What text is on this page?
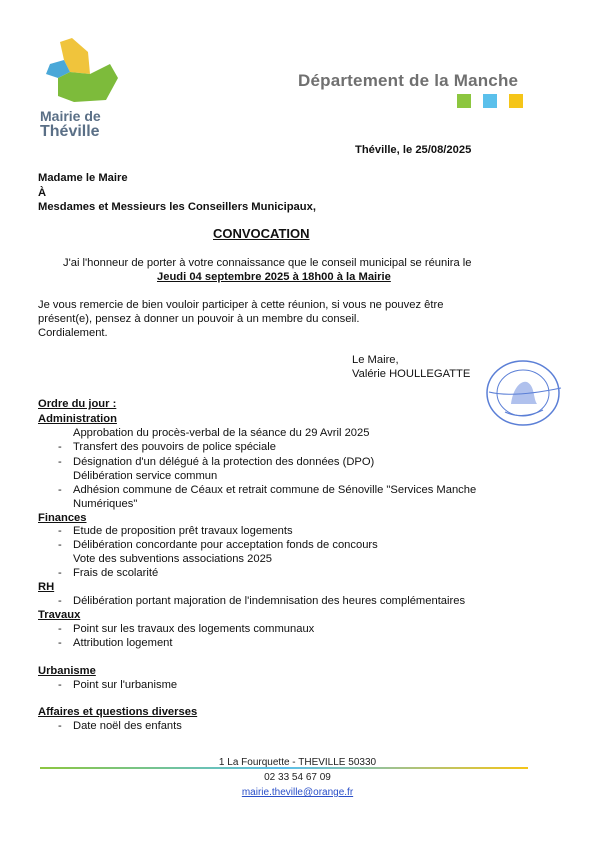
Mairie de
Théville
Département de la Manche
Théville, le 25/08/2025
Madame le Maire
À
Mesdames et Messieurs les Conseillers Municipaux,
CONVOCATION
J'ai l'honneur de porter à votre connaissance que le conseil municipal se réunira le
Jeudi 04 septembre 2025 à 18h00 à la Mairie
Je vous remercie de bien vouloir participer à cette réunion, si vous ne pouvez être
présent(e), pensez à donner un pouvoir à un membre du conseil.
Cordialement.
Le Maire,
Valérie HOULLEGATTE
Ordre du jour :
Administration
Approbation du procès-verbal de la séance du 29 Avril 2025
- Transfert des pouvoirs de police spéciale
- Désignation d'un délégué à la protection des données (DPO)
Délibération service commun
- Adhésion commune de Céaux et retrait commune de Sénoville "Services Manche
Numériques"
Finances
- Etude de proposition prêt travaux logements
- Délibération concordante pour acceptation fonds de concours
Vote des subventions associations 2025
- Frais de scolarité
RH
- Délibération portant majoration de l'indemnisation des heures complémentaires
Travaux
- Point sur les travaux des logements communaux
- Attribution logement
Urbanisme
- Point sur l'urbanisme
Affaires et questions diverses
- Date noël des enfants
1 La Fourquette - THEVILLE 50330
02 33 54 67 09
mairie.theville@orange.fr
